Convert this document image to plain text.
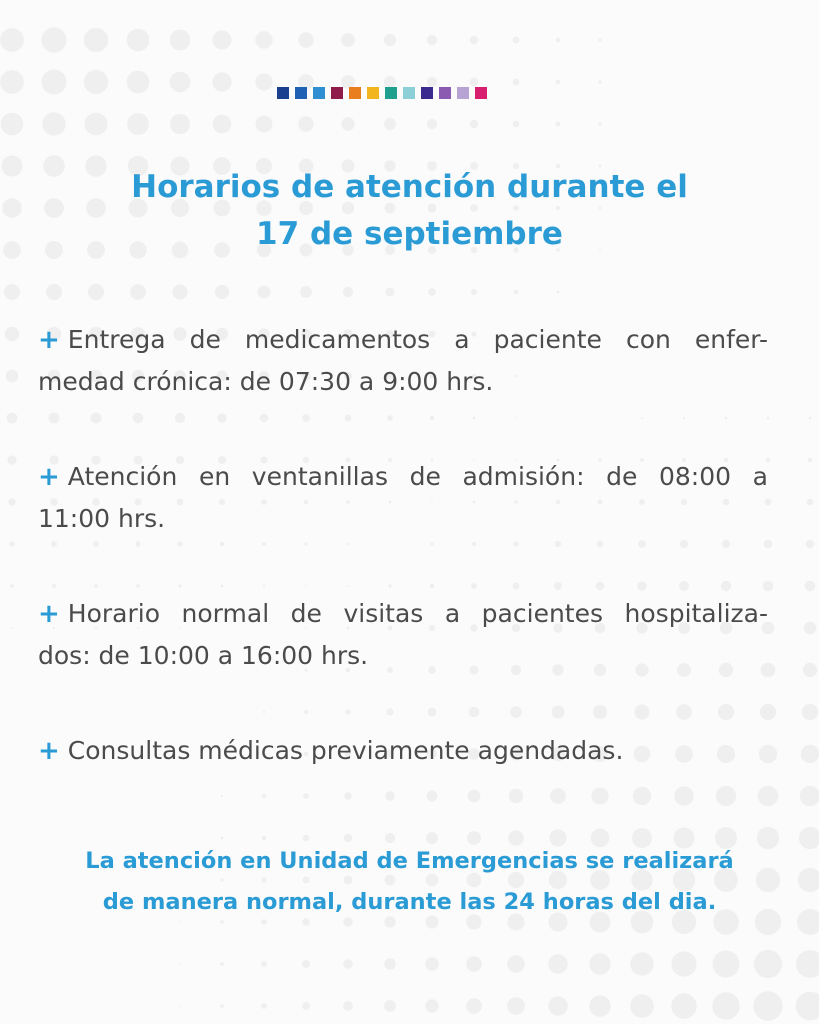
Horarios de atención durante el
17 de septiembre
+ Entrega de medicamentos a paciente con enfer-
medad crónica: de 07:30 a 9:00 hrs.
+ Atención en ventanillas de admisión: de 08:00 a
11:00 hrs.
+ Horario normal de visitas a pacientes hospitaliza-
dos: de 10:00 a 16:00 hrs.
+ Consultas médicas previamente agendadas.
La atención en Unidad de Emergencias se realizará
de manera normal, durante las 24 horas del dia.
